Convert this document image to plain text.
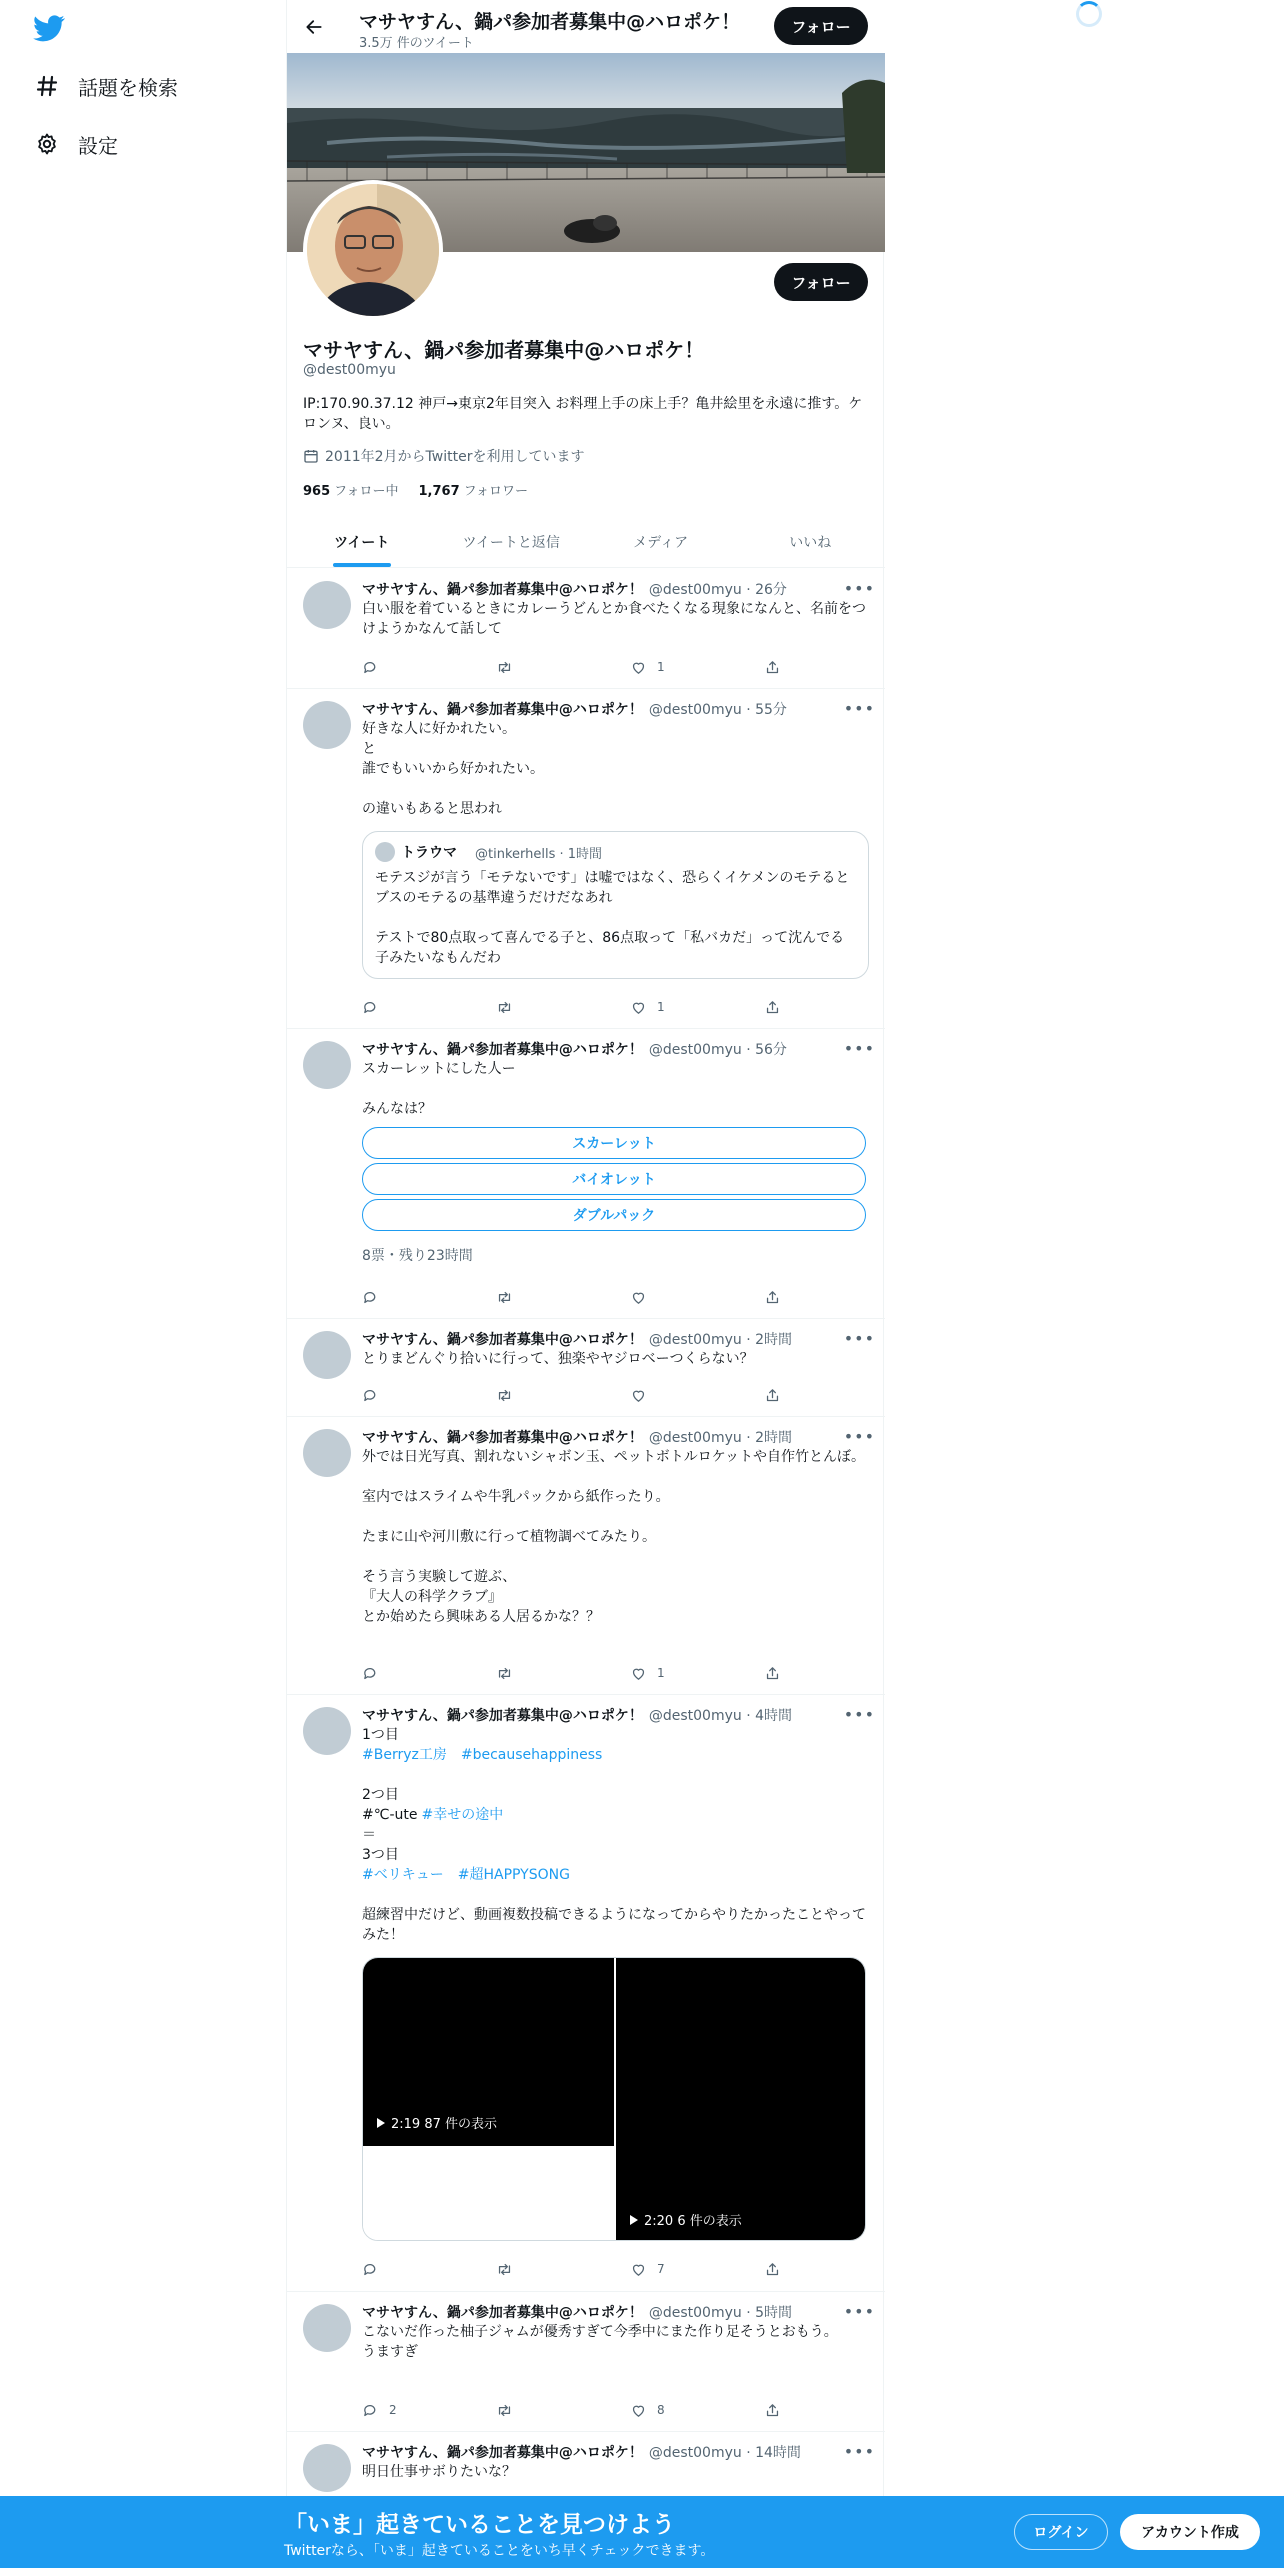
話題を検索
設定
マサヤすん、鍋パ参加者募集中@ハロポケ！
3.5万 件のツイート
フォロー
フォロー
マサヤすん、鍋パ参加者募集中@ハロポケ！
@dest00myu
IP:170.90.37.12 神戸→東京2年目突入 お料理上手の床上手？亀井絵里を永遠に推す。ケロンヌ、良い。
2011年2月からTwitterを利用しています
965 フォロー中 1,767 フォロワー
ツイート	ツイートと返信	メディア	いいね
•••
マサヤすん、鍋パ参加者募集中@ハロポケ！ @dest00myu · 26分
白い服を着ているときにカレーうどんとか食べたくなる現象になんと、名前をつけようかなんて話して
1
•••
マサヤすん、鍋パ参加者募集中@ハロポケ！ @dest00myu · 55分
好きな人に好かれたい。
と
誰でもいいから好かれたい。

の違いもあると思われ
トラウマ @tinkerhells · 1時間
モテスジが言う「モテないです」は嘘ではなく、恐らくイケメンのモテるとブスのモテるの基準違うだけだなあれ

テストで80点取って喜んでる子と、86点取って「私バカだ」って沈んでる子みたいなもんだわ
1
•••
マサヤすん、鍋パ参加者募集中@ハロポケ！ @dest00myu · 56分
スカーレットにした人ー

みんなは？
スカーレット
バイオレット
ダブルパック
8票・残り23時間
•••
マサヤすん、鍋パ参加者募集中@ハロポケ！ @dest00myu · 2時間
とりまどんぐり拾いに行って、独楽やヤジロベーつくらない？
•••
マサヤすん、鍋パ参加者募集中@ハロポケ！ @dest00myu · 2時間
外では日光写真、割れないシャボン玉、ペットボトルロケットや自作竹とんぼ。

室内ではスライムや牛乳パックから紙作ったり。

たまに山や河川敷に行って植物調べてみたり。

そう言う実験して遊ぶ、
『大人の科学クラブ』
とか始めたら興味ある人居るかな？？
1
•••
マサヤすん、鍋パ参加者募集中@ハロポケ！ @dest00myu · 4時間
1つ目
#Berryz工房 #becausehappiness
2つ目
#℃-ute #幸せの途中
＝
3つ目
#ベリキュー #超HAPPYSONG
超練習中だけど、動画複数投稿できるようになってからやりたかったことやってみた！
2:19 87 件の表示
2:20 6 件の表示
7
•••
マサヤすん、鍋パ参加者募集中@ハロポケ！ @dest00myu · 5時間
こないだ作った柚子ジャムが優秀すぎて今季中にまた作り足そうとおもう。
うますぎ
2	8
•••
マサヤすん、鍋パ参加者募集中@ハロポケ！ @dest00myu · 14時間
明日仕事サボりたいな？
「いま」起きていることを見つけよう
Twitterなら、「いま」起きていることをいち早くチェックできます。
ログイン	アカウント作成
